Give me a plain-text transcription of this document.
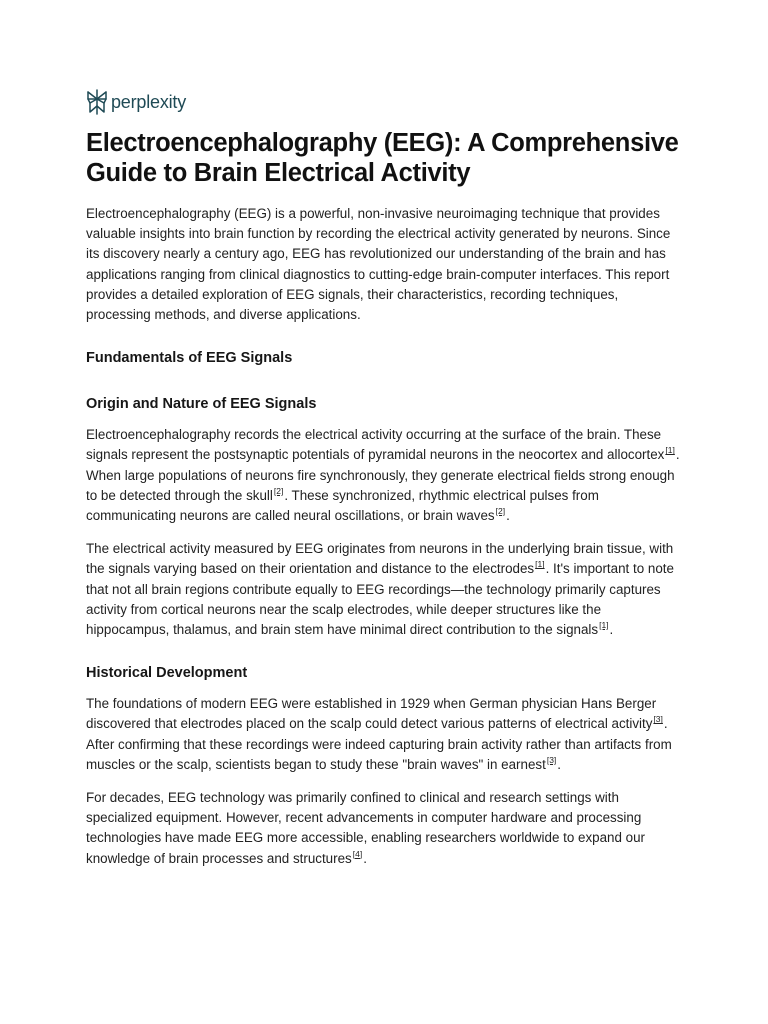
perplexity
Electroencephalography (EEG): A Comprehensive Guide to Brain Electrical Activity

Electroencephalography (EEG) is a powerful, non-invasive neuroimaging technique that provides valuable insights into brain function by recording the electrical activity generated by neurons. Since its discovery nearly a century ago, EEG has revolutionized our understanding of the brain and has applications ranging from clinical diagnostics to cutting-edge brain-computer interfaces. This report provides a detailed exploration of EEG signals, their characteristics, recording techniques, processing methods, and diverse applications.

Fundamentals of EEG Signals
Origin and Nature of EEG Signals

Electroencephalography records the electrical activity occurring at the surface of the brain. These signals represent the postsynaptic potentials of pyramidal neurons in the neocortex and allocortex[1]. When large populations of neurons fire synchronously, they generate electrical fields strong enough to be detected through the skull[2]. These synchronized, rhythmic electrical pulses from communicating neurons are called neural oscillations, or brain waves[2].

The electrical activity measured by EEG originates from neurons in the underlying brain tissue, with the signals varying based on their orientation and distance to the electrodes[1]. It's important to note that not all brain regions contribute equally to EEG recordings—the technology primarily captures activity from cortical neurons near the scalp electrodes, while deeper structures like the hippocampus, thalamus, and brain stem have minimal direct contribution to the signals[1].

Historical Development

The foundations of modern EEG were established in 1929 when German physician Hans Berger discovered that electrodes placed on the scalp could detect various patterns of electrical activity[3]. After confirming that these recordings were indeed capturing brain activity rather than artifacts from muscles or the scalp, scientists began to study these "brain waves" in earnest[3].

For decades, EEG technology was primarily confined to clinical and research settings with specialized equipment. However, recent advancements in computer hardware and processing technologies have made EEG more accessible, enabling researchers worldwide to expand our knowledge of brain processes and structures[4].
